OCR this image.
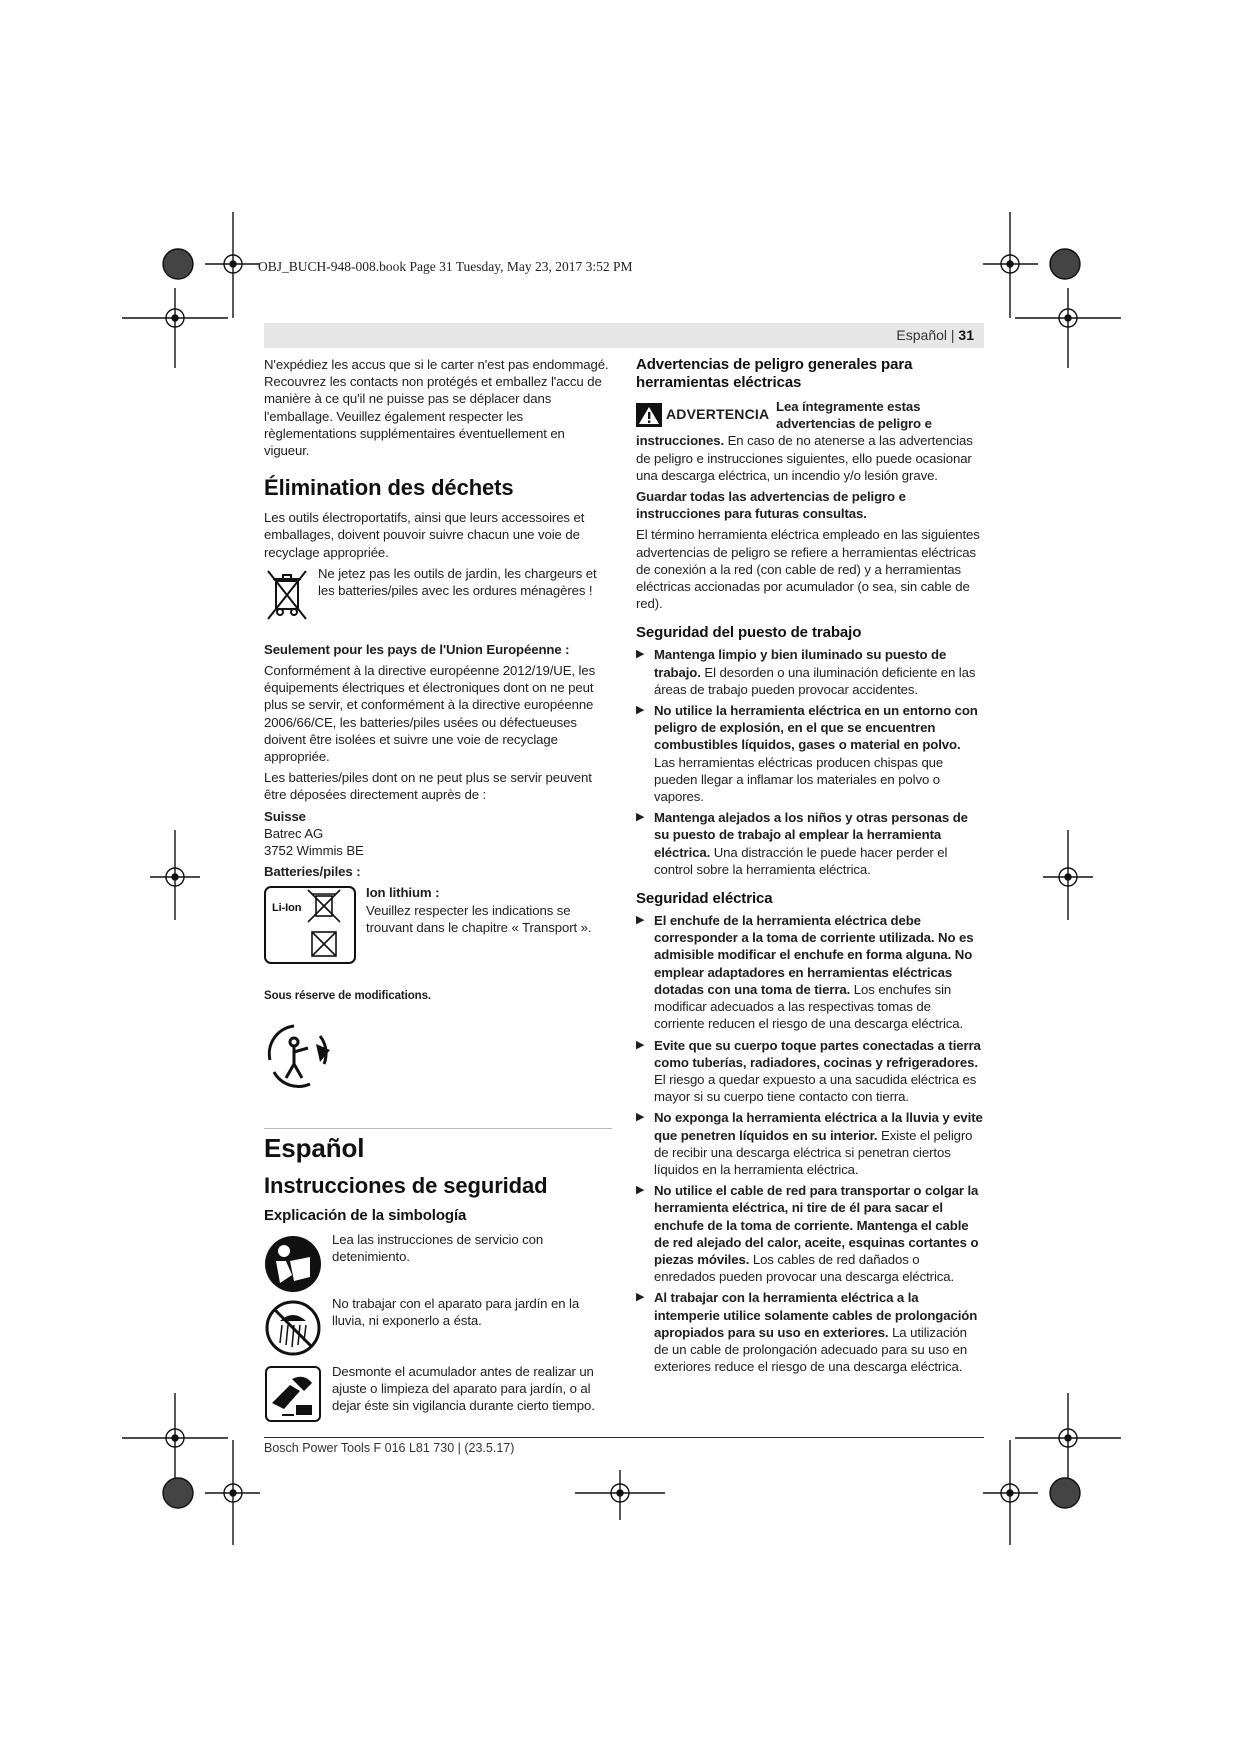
OBJ_BUCH-948-008.book Page 31 Tuesday, May 23, 2017 3:52 PM
Español | 31

N'expédiez les accus que si le carter n'est pas endommagé. Recouvrez les contacts non protégés et emballez l'accu de manière à ce qu'il ne puisse pas se déplacer dans l'emballage. Veuillez également respecter les règlementations supplémentaires éventuellement en vigueur.

Élimination des déchets

Les outils électroportatifs, ainsi que leurs accessoires et emballages, doivent pouvoir suivre chacun une voie de recyclage appropriée.

Ne jetez pas les outils de jardin, les chargeurs et les batteries/piles avec les ordures ménagères !

Seulement pour les pays de l'Union Européenne :

Conformément à la directive européenne 2012/19/UE, les équipements électriques et électroniques dont on ne peut plus se servir, et conformément à la directive européenne 2006/66/CE, les batteries/piles usées ou défectueuses doivent être isolées et suivre une voie de recyclage appropriée.

Les batteries/piles dont on ne peut plus se servir peuvent être déposées directement auprès de :

Suisse
Batrec AG
3752 Wimmis BE

Batteries/piles :

Li-Ion
Ion lithium :
Veuillez respecter les indications se trouvant dans le chapitre « Transport ».
Sous réserve de modifications.
Español
Instrucciones de seguridad
Explicación de la simbología
Lea las instrucciones de servicio con detenimiento.
No trabajar con el aparato para jardín en la lluvia, ni exponerlo a ésta.
Desmonte el acumulador antes de realizar un ajuste o limpieza del aparato para jardín, o al dejar éste sin vigilancia durante cierto tiempo.
Advertencias de peligro generales para herramientas eléctricas
ADVERTENCIA Lea íntegramente estas advertencias de peligro e instrucciones. En caso de no atenerse a las advertencias de peligro e instrucciones siguientes, ello puede ocasionar una descarga eléctrica, un incendio y/o lesión grave.

Guardar todas las advertencias de peligro e instrucciones para futuras consultas.

El término herramienta eléctrica empleado en las siguientes advertencias de peligro se refiere a herramientas eléctricas de conexión a la red (con cable de red) y a herramientas eléctricas accionadas por acumulador (o sea, sin cable de red).

Seguridad del puesto de trabajo
▶ Mantenga limpio y bien iluminado su puesto de trabajo. El desorden o una iluminación deficiente en las áreas de trabajo pueden provocar accidentes.
▶ No utilice la herramienta eléctrica en un entorno con peligro de explosión, en el que se encuentren combustibles líquidos, gases o material en polvo. Las herramientas eléctricas producen chispas que pueden llegar a inflamar los materiales en polvo o vapores.
▶ Mantenga alejados a los niños y otras personas de su puesto de trabajo al emplear la herramienta eléctrica. Una distracción le puede hacer perder el control sobre la herramienta eléctrica.
Seguridad eléctrica
▶ El enchufe de la herramienta eléctrica debe corresponder a la toma de corriente utilizada. No es admisible modificar el enchufe en forma alguna. No emplear adaptadores en herramientas eléctricas dotadas con una toma de tierra. Los enchufes sin modificar adecuados a las respectivas tomas de corriente reducen el riesgo de una descarga eléctrica.
▶ Evite que su cuerpo toque partes conectadas a tierra como tuberías, radiadores, cocinas y refrigeradores. El riesgo a quedar expuesto a una sacudida eléctrica es mayor si su cuerpo tiene contacto con tierra.
▶ No exponga la herramienta eléctrica a la lluvia y evite que penetren líquidos en su interior. Existe el peligro de recibir una descarga eléctrica si penetran ciertos líquidos en la herramienta eléctrica.
▶ No utilice el cable de red para transportar o colgar la herramienta eléctrica, ni tire de él para sacar el enchufe de la toma de corriente. Mantenga el cable de red alejado del calor, aceite, esquinas cortantes o piezas móviles. Los cables de red dañados o enredados pueden provocar una descarga eléctrica.
▶ Al trabajar con la herramienta eléctrica a la intemperie utilice solamente cables de prolongación apropiados para su uso en exteriores. La utilización de un cable de prolongación adecuado para su uso en exteriores reduce el riesgo de una descarga eléctrica.
Bosch Power Tools F 016 L81 730 | (23.5.17)
